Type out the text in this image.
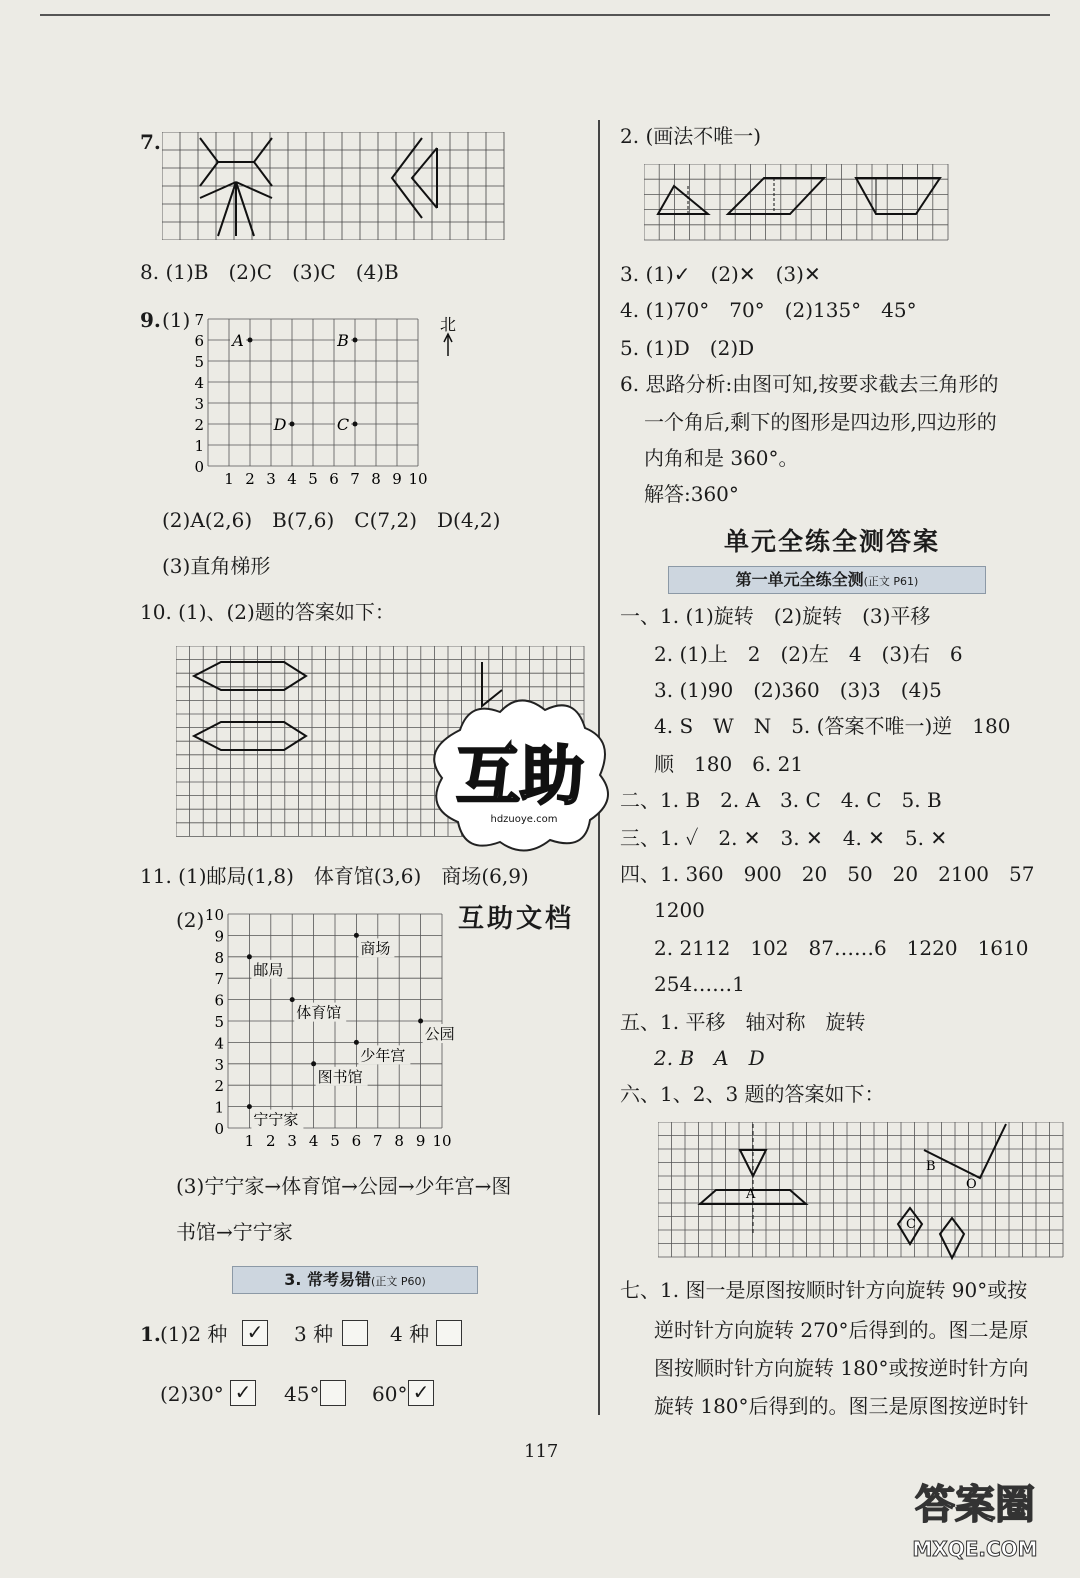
7.
8. (1)B　(2)C　(3)C　(4)B
9. (1) 7
6
5
4
3
2
1
0
1 2 3 4 5 6 7 8 9 10
A	B
C
D
北
(2)A(2,6)　B(7,6)　C(7,2)　D(4,2)
(3)直角梯形
10. (1)、(2)题的答案如下：
11. (1)邮局(1,8)　体育馆(3,6)　商场(6,9)
(2) 10
9
8
7
6
5
4
3
2
1
0
1 2 3 4 5 6 7 8 9 10
商场
邮局
体育馆
公园
少年宫
图书馆
宁宁家
(3)宁宁家→体育馆→公园→少年宫→图
书馆→宁宁家
3. 常考易错(正文 P60)
1. (1)2 种 ✓ 3 种	4 种
(2)30° ✓ 45°	60° ✓
2. (画法不唯一)
3. (1)✓　(2)✕　(3)✕
4. (1)70°　70°　(2)135°　45°
5. (1)D　(2)D
6. 思路分析:由图可知,按要求截去三角形的
一个角后,剩下的图形是四边形,四边形的
内角和是 360°。
解答:360°
单元全练全测答案
第一单元全练全测(正文 P61)
一、1. (1)旋转　(2)旋转　(3)平移
2. (1)上　2　(2)左　4　(3)右　6
3. (1)90　(2)360　(3)3　(4)5
4. S　W　N　5. (答案不唯一)逆　180
顺　180　6. 21
二、1. B　2. A　3. C　4. C　5. B
三、1. ✓　2. ✕　3. ✕　4. ✕　5. ✕
四、1. 360　900　20　50　20　2100　57
1200
2. 2112　102　87……6　1220　1610
254……1
五、1. 平移　轴对称　旋转
2. B　A　D
六、1、2、3 题的答案如下：
A
B
O
C
七、1. 图一是原图按顺时针方向旋转 90°或按
逆时针方向旋转 270°后得到的。图二是原
图按顺时针方向旋转 180°或按逆时针方向
旋转 180°后得到的。图三是原图按逆时针
117
互助
hdzuoye.com
互助文档
答案圈
MXQE.COM
